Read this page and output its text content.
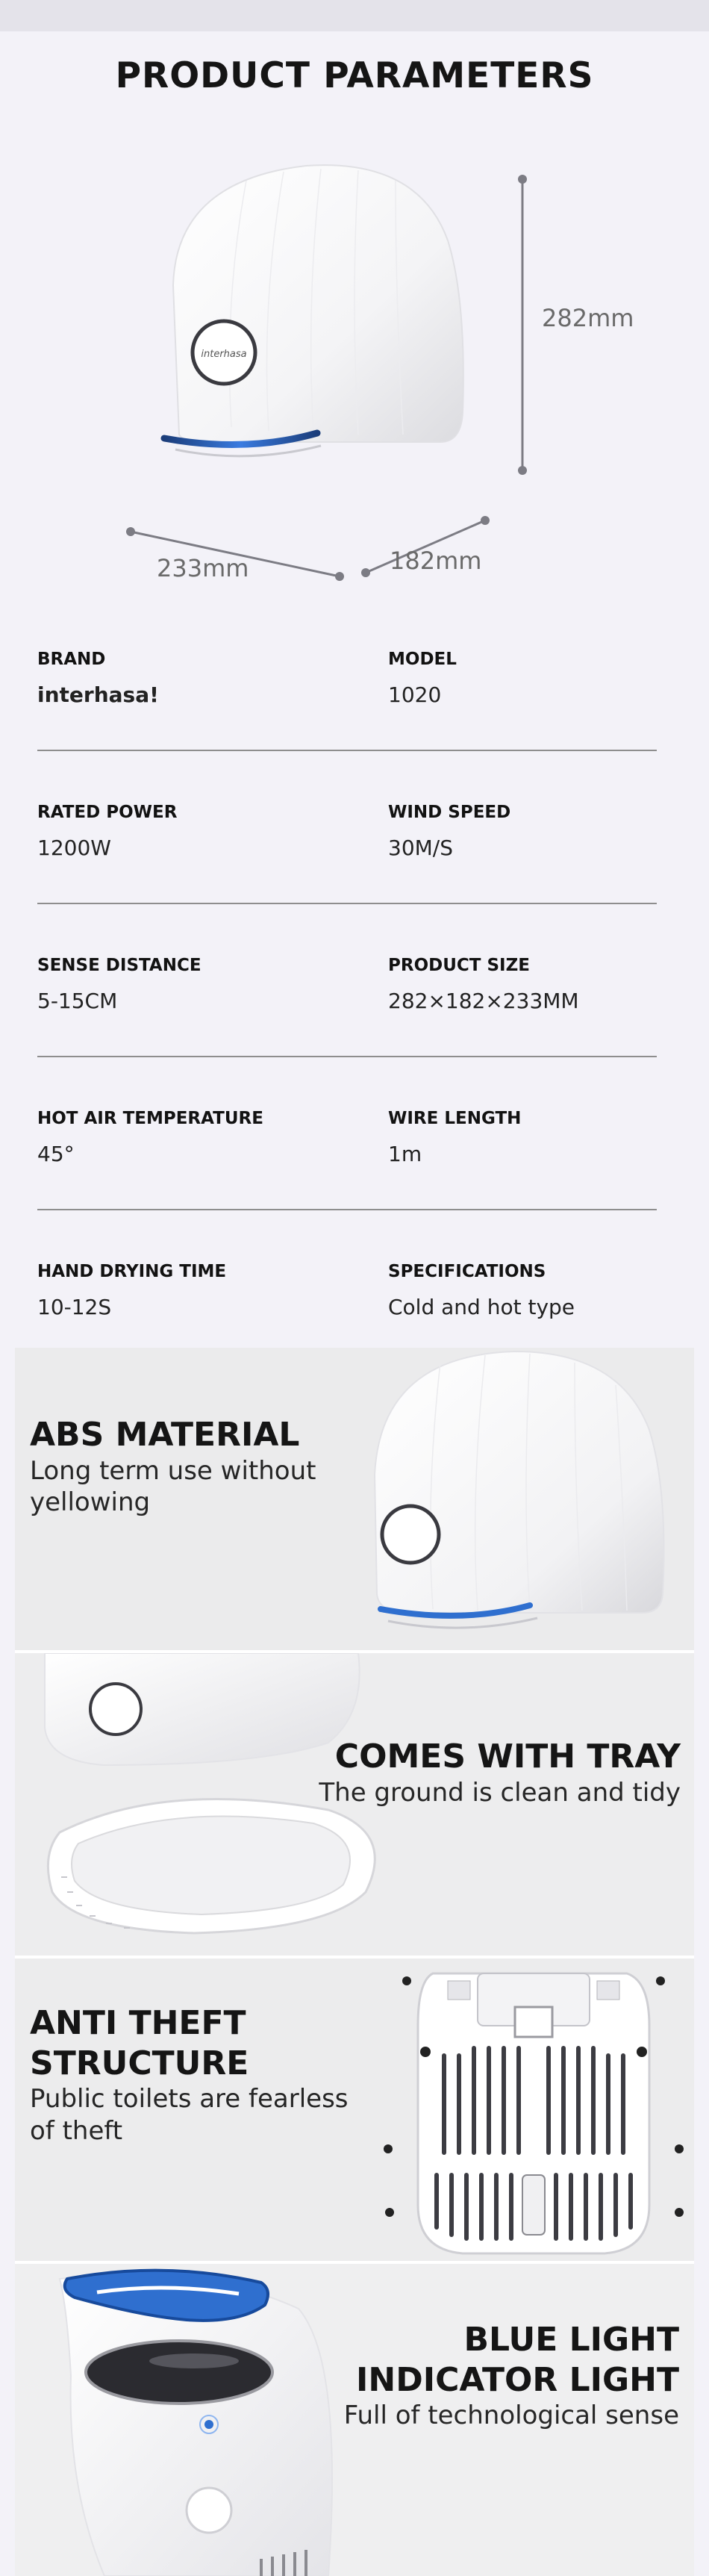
PRODUCT PARAMETERS
interhasa
282mm
233mm	182mm
BRAND
interhasa!
MODEL
1020
RATED POWER
1200W
WIND SPEED
30M/S
SENSE DISTANCE
5-15CM
PRODUCT SIZE
282×182×233MM
HOT AIR TEMPERATURE
45°
WIRE LENGTH
1m
HAND DRYING TIME
10-12S
SPECIFICATIONS
Cold and hot type
ABS MATERIAL
Long term use without yellowing
COMES WITH TRAY
The ground is clean and tidy
ANTI THEFT STRUCTURE
Public toilets are fearless of theft
BLUE LIGHT INDICATOR LIGHT
Full of technological sense
